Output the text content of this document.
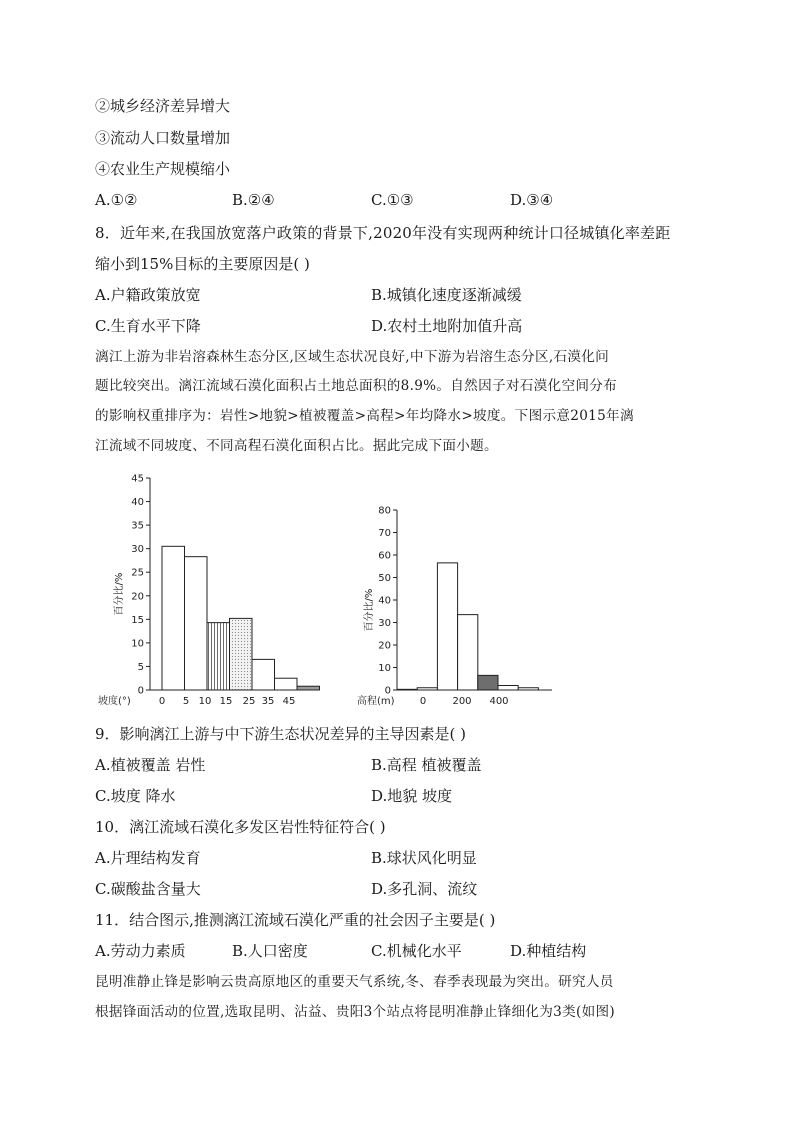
②城乡经济差异增大
③流动人口数量增加
④农业生产规模缩小
A.①②	B.②④	C.①③	D.③④
8．近年来,在我国放宽落户政策的背景下,2020年没有实现两种统计口径城镇化率差距
缩小到15%目标的主要原因是( )
A.户籍政策放宽	B.城镇化速度逐渐减缓
C.生育水平下降	D.农村土地附加值升高
漓江上游为非岩溶森林生态分区,区域生态状况良好,中下游为岩溶生态分区,石漠化问
题比较突出。漓江流域石漠化面积占土地总面积的8.9%。自然因子对石漠化空间分布
的影响权重排序为：岩性>地貌>植被覆盖>高程>年均降水>坡度。下图示意2015年漓
江流域不同坡度、不同高程石漠化面积占比。据此完成下面小题。
0
5
10
15
20
25
30
35
40
45
0 5 10 15 25 35 45
坡度(°)
百分比/%
0
10
20
30
40
50
60
70
80
0	200 400
高程(m)
百分比/%
9．影响漓江上游与中下游生态状况差异的主导因素是( )
A.植被覆盖 岩性	B.高程 植被覆盖
C.坡度 降水	D.地貌 坡度
10．漓江流域石漠化多发区岩性特征符合( )
A.片理结构发育	B.球状风化明显
C.碳酸盐含量大	D.多孔洞、流纹
11．结合图示,推测漓江流域石漠化严重的社会因子主要是( )
A.劳动力素质	B.人口密度	C.机械化水平	D.种植结构
昆明准静止锋是影响云贵高原地区的重要天气系统,冬、春季表现最为突出。研究人员
根据锋面活动的位置,选取昆明、沾益、贵阳3个站点将昆明准静止锋细化为3类(如图)
